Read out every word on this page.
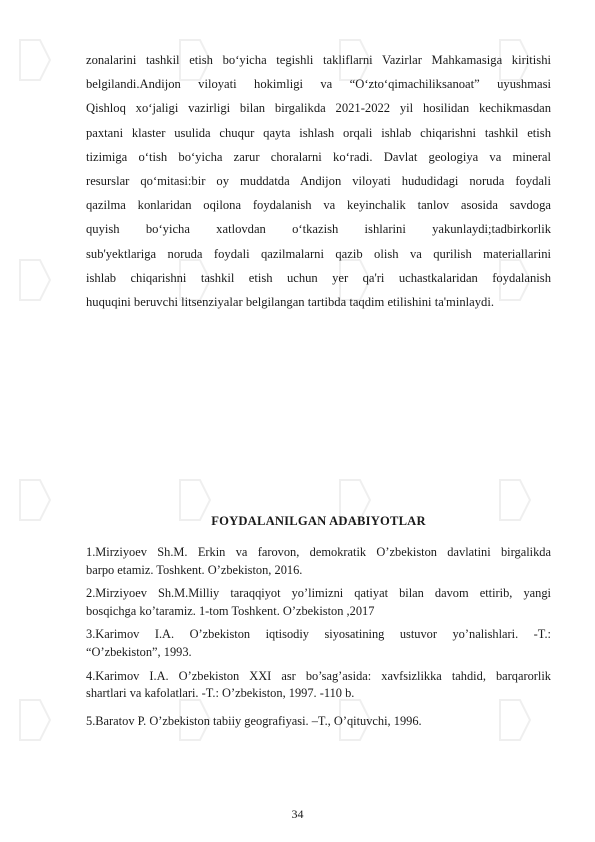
zonalarini tashkil etish bo‘yicha tegishli takliflarni Vazirlar Mahkamasiga kiritishi
belgilandi.Andijon viloyati hokimligi va “O‘zto‘qimachiliksanoat” uyushmasi
Qishloq xo‘jaligi vazirligi bilan birgalikda 2021-2022 yil hosilidan kechikmasdan
paxtani klaster usulida chuqur qayta ishlash orqali ishlab chiqarishni tashkil etish
tizimiga o‘tish bo‘yicha zarur choralarni ko‘radi. Davlat geologiya va mineral
resurslar qo‘mitasi:bir oy muddatda Andijon viloyati hududidagi noruda foydali
qazilma konlaridan oqilona foydalanish va keyinchalik tanlov asosida savdoga
quyish bo‘yicha xatlovdan o‘tkazish ishlarini yakunlaydi;tadbirkorlik
sub'yektlariga noruda foydali qazilmalarni qazib olish va qurilish materiallarini
ishlab chiqarishni tashkil etish uchun yer qa'ri uchastkalaridan foydalanish
huquqini beruvchi litsenziyalar belgilangan tartibda taqdim etilishini ta'minlaydi.

FOYDALANILGAN ADABIYOTLAR

1.Mirziyoev Sh.M. Erkin va farovon, demokratik O’zbekiston davlatini birgalikda
barpo etamiz. Toshkent. O’zbekiston, 2016.

2.Mirziyoev Sh.M.Milliy taraqqiyot yo’limizni qatiyat bilan davom ettirib, yangi
bosqichga ko’taramiz. 1-tom Toshkent. O’zbekiston ,2017

3.Karimov I.A. O’zbekiston iqtisodiy siyosatining ustuvor yo’nalishlari. -T.:
“O’zbekiston”, 1993.

4.Karimov I.A. O’zbekiston XXI asr bo’sag’asida: xavfsizlikka tahdid, barqarorlik
shartlari va kafolatlari. -T.: O’zbekiston, 1997. -110 b.

5.Baratov P. O’zbekiston tabiiy geografiyasi. –T., O’qituvchi, 1996.

34
